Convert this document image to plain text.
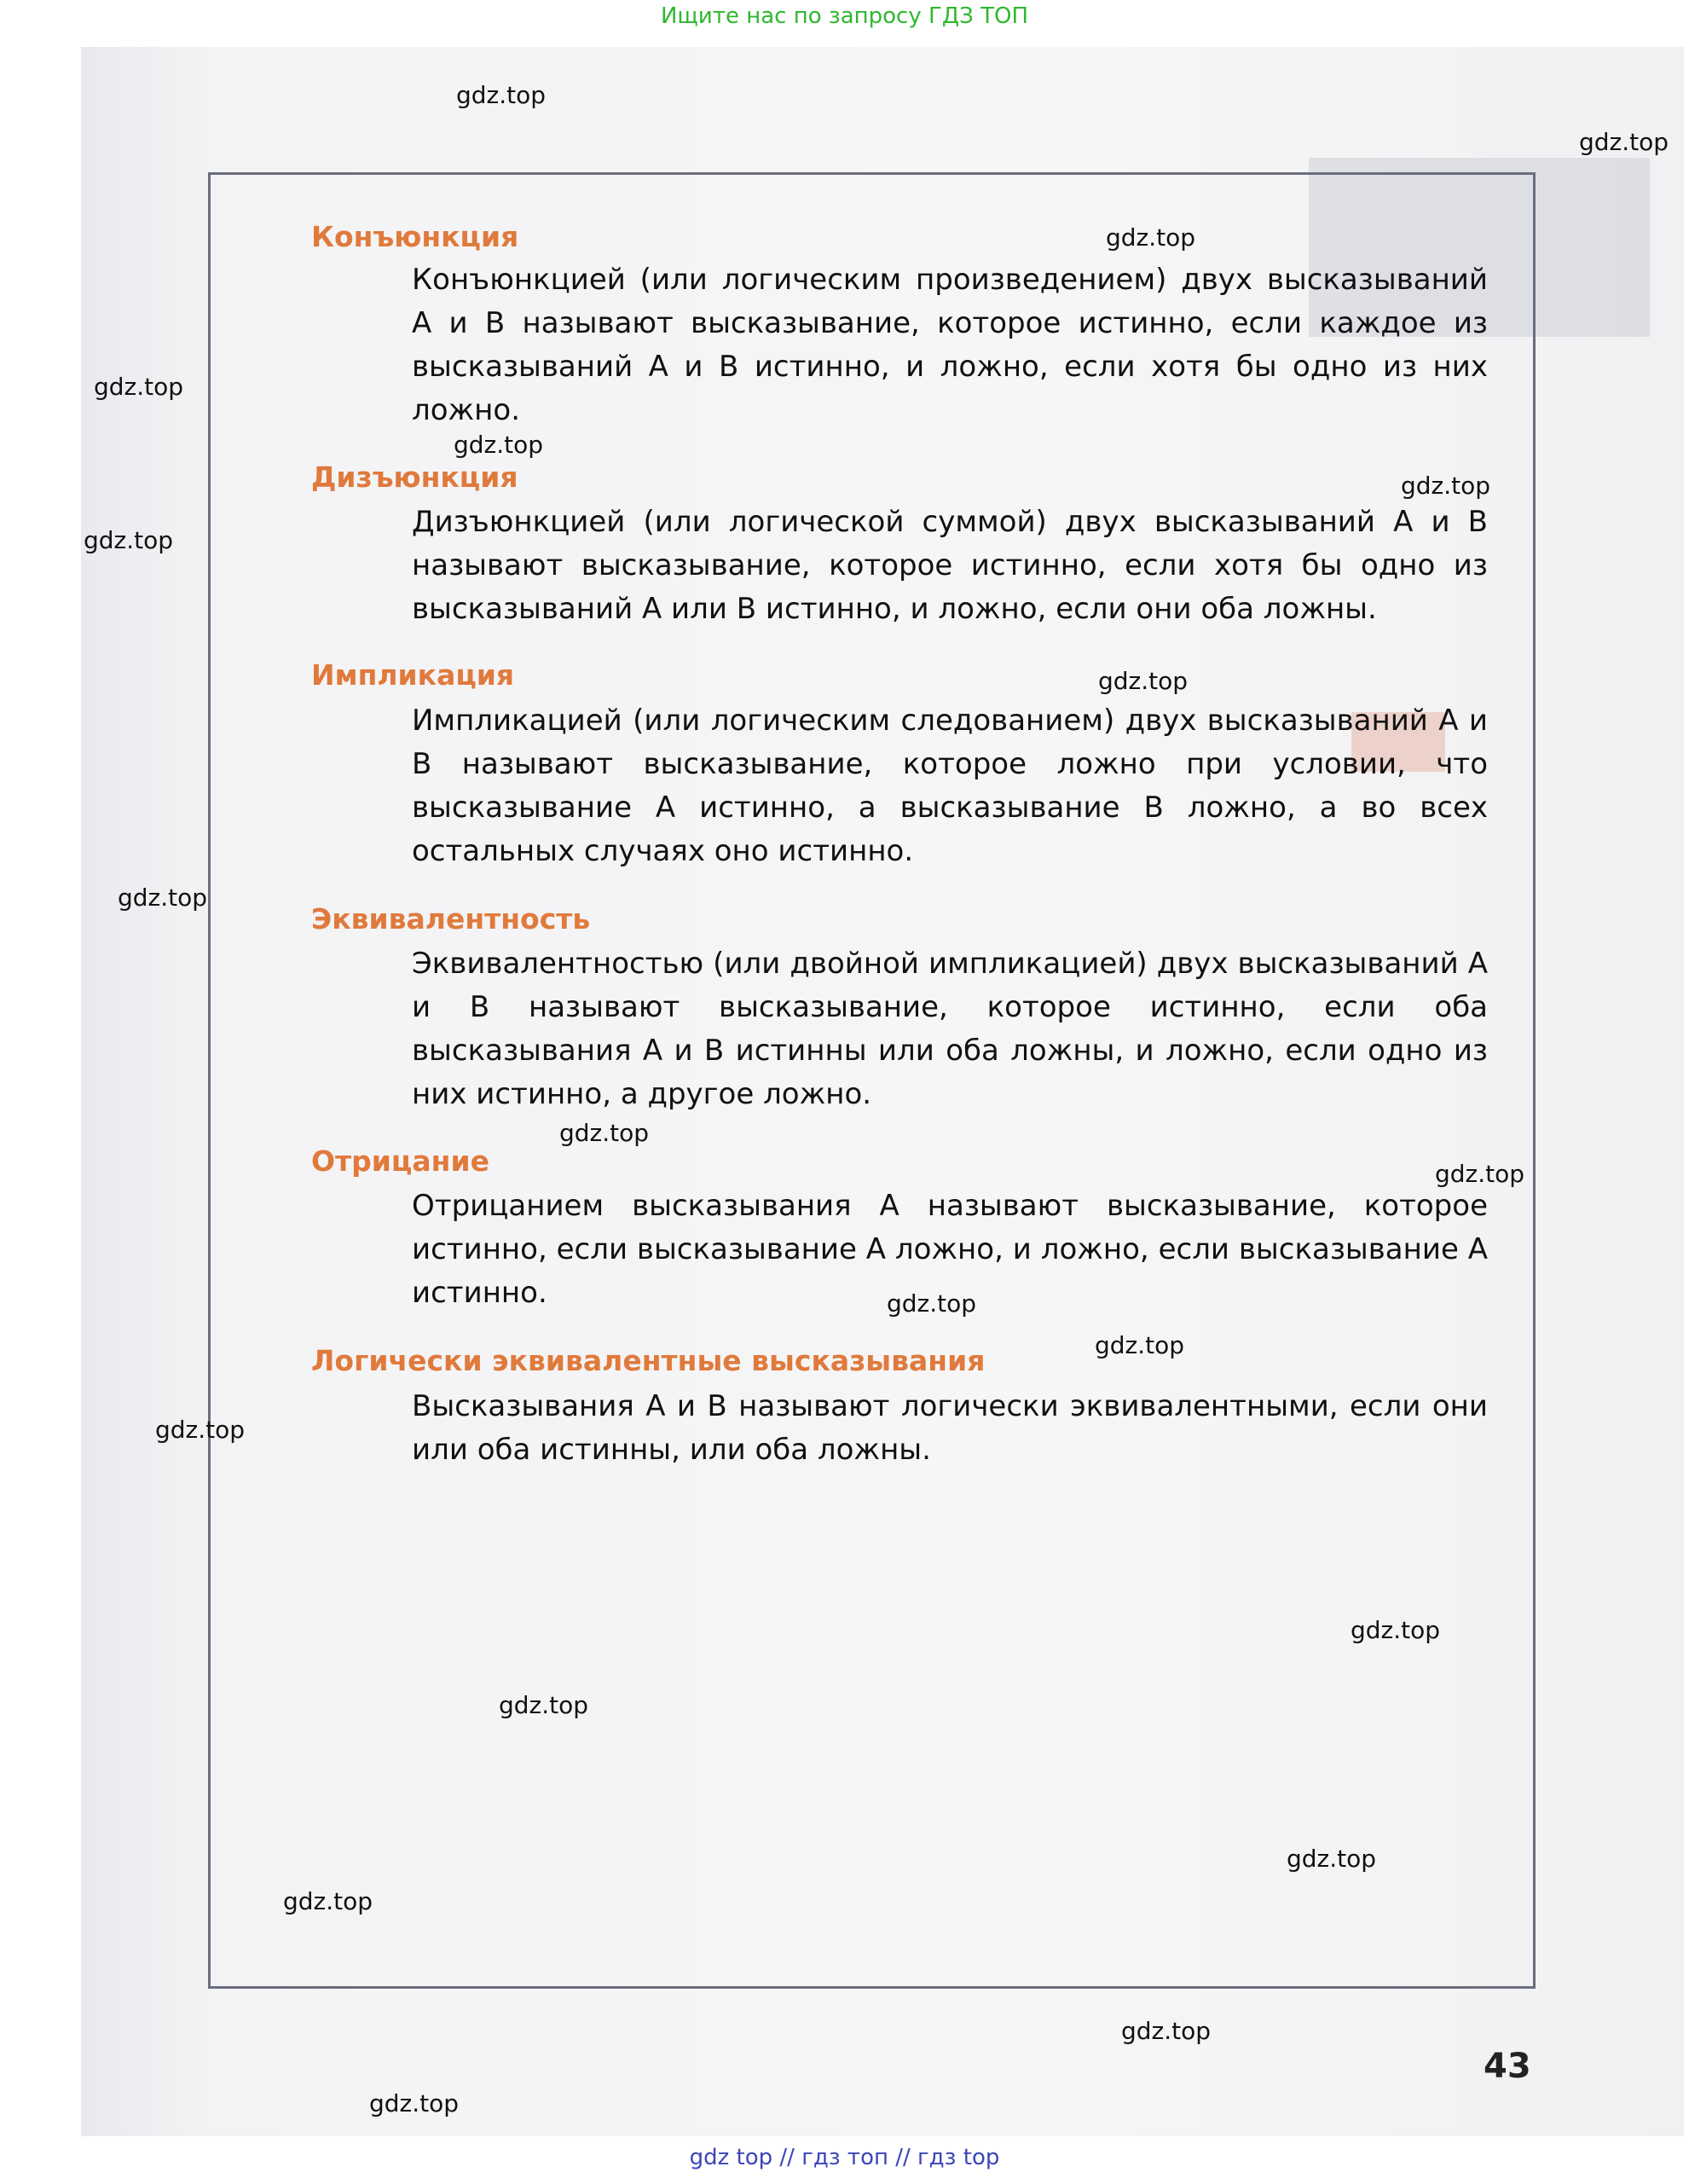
Ищите нас по запросу ГДЗ ТОП
Конъюнкция
Конъюнкцией (или логическим произведением) двух высказываний A и B называют высказывание, которое истинно, если каждое из высказываний A и B истинно, и ложно, если хотя бы одно из них ложно.
Дизъюнкция
Дизъюнкцией (или логической суммой) двух высказываний A и B называют высказывание, которое истинно, если хотя бы одно из высказываний A или B истинно, и ложно, если они оба ложны.
Импликация
Импликацией (или логическим следованием) двух высказываний A и B называют высказывание, которое ложно при условии, что высказывание A истинно, а высказывание B ложно, а во всех остальных случаях оно истинно.
Эквивалентность
Эквивалентностью (или двойной импликацией) двух высказываний A и B называют высказывание, которое истинно, если оба высказывания A и B истинны или оба ложны, и ложно, если одно из них истинно, а другое ложно.
Отрицание
Отрицанием высказывания A называют высказывание, которое истинно, если высказывание A ложно, и ложно, если высказывание A истинно.
Логически эквивалентные высказывания
Высказывания A и B называют логически эквивалентными, если они или оба истинны, или оба ложны.
43
gdz.top
gdz.top
gdz.top
gdz.top
gdz.top
gdz.top
gdz.top
gdz.top
gdz.top
gdz.top
gdz.top
gdz.top
gdz.top
gdz.top
gdz.top
gdz.top
gdz.top
gdz.top
gdz.top
gdz.top
gdz top // гдз топ // гдз top
